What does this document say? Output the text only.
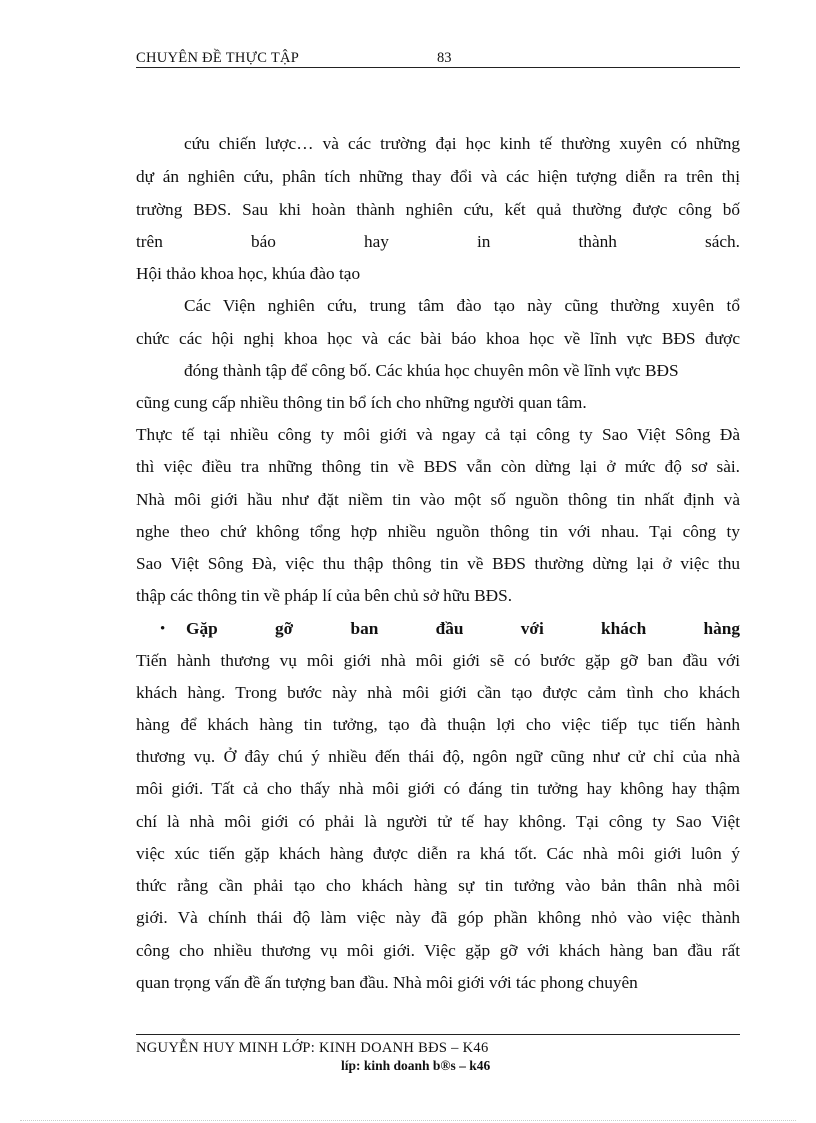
CHUYÊN ĐỀ THỰC TẬP	83
cứu chiến lược… và các trường đại học kinh tế thường xuyên có những
dự án nghiên cứu, phân tích những thay đổi và các hiện tượng diễn ra trên thị
trường BĐS. Sau khi hoàn thành nghiên cứu, kết quả thường được công bố
trên báo hay in thành sách.
Hội thảo khoa học, khúa đào tạo
Các Viện nghiên cứu, trung tâm đào tạo này cũng thường xuyên tổ
chức các hội nghị khoa học và các bài báo khoa học về lĩnh vực BĐS được
đóng thành tập để công bố. Các khúa học chuyên môn về lĩnh vực BĐS
cũng cung cấp nhiều thông tin bổ ích cho những người quan tâm.
Thực tế tại nhiều công ty môi giới và ngay cả tại công ty Sao Việt Sông Đà
thì việc điều tra những thông tin về BĐS vẫn còn dừng lại ở mức độ sơ sài.
Nhà môi giới hầu như đặt niềm tin vào một số nguồn thông tin nhất định và
nghe theo chứ không tổng hợp nhiều nguồn thông tin với nhau. Tại công ty
Sao Việt Sông Đà, việc thu thập thông tin về BĐS thường dừng lại ở việc thu
thập các thông tin về pháp lí của bên chủ sở hữu BĐS.
• Gặp gỡ ban đầu với khách hàng
Tiến hành thương vụ môi giới nhà môi giới sẽ có bước gặp gỡ ban đầu với
khách hàng. Trong bước này nhà môi giới cần tạo được cảm tình cho khách
hàng để khách hàng tin tưởng, tạo đà thuận lợi cho việc tiếp tục tiến hành
thương vụ. Ở đây chú ý nhiều đến thái độ, ngôn ngữ cũng như cử chỉ của nhà
môi giới. Tất cả cho thấy nhà môi giới có đáng tin tưởng hay không hay thậm
chí là nhà môi giới có phải là người tử tế hay không. Tại công ty Sao Việt
việc xúc tiến gặp khách hàng được diễn ra khá tốt. Các nhà môi giới luôn ý
thức rằng cần phải tạo cho khách hàng sự tin tưởng vào bản thân nhà môi
giới. Và chính thái độ làm việc này đã góp phần không nhỏ vào việc thành
công cho nhiều thương vụ môi giới. Việc gặp gỡ với khách hàng ban đầu rất
quan trọng vấn đề ấn tượng ban đầu. Nhà môi giới với tác phong chuyên
NGUYỄN HUY MINH LỚP: KINH DOANH BĐS – K46
líp: kinh doanh b®s – k46
